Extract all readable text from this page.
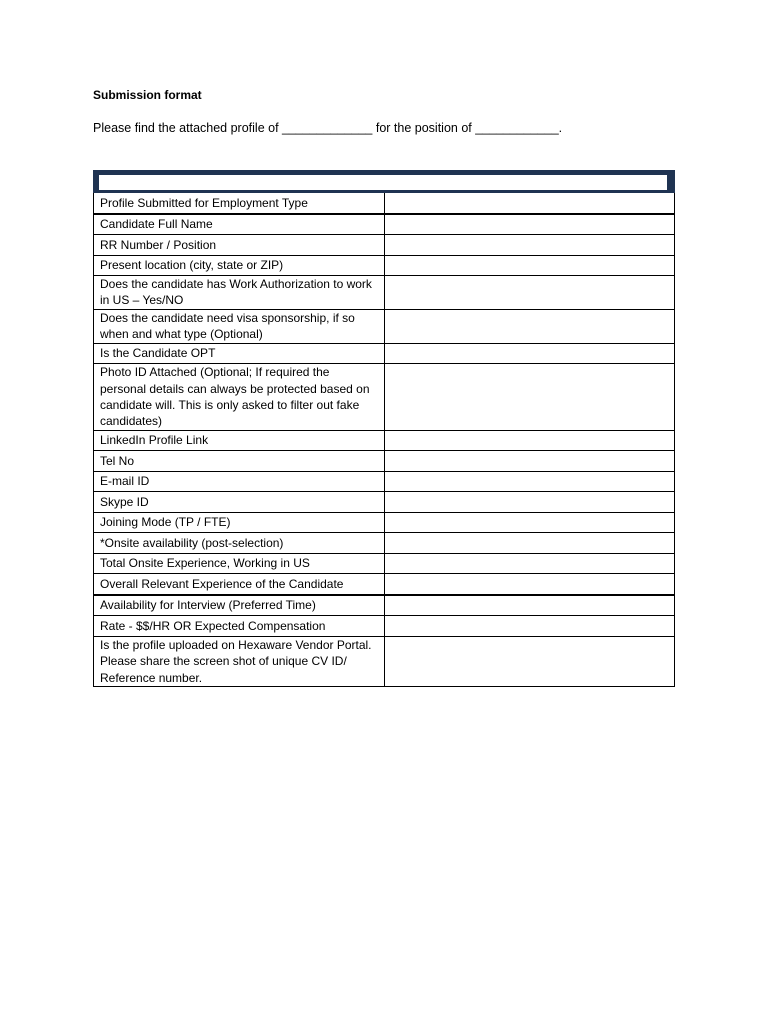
Submission format
Please find the attached profile of _____________ for the position of ____________.

Profile Submitted for Employment Type	
Candidate Full Name	
RR Number / Position	
Present location (city, state or ZIP)	
Does the candidate has Work Authorization to work in US – Yes/NO	
Does the candidate need visa sponsorship, if so when and what type (Optional)	
Is the Candidate OPT	
Photo ID Attached (Optional; If required the personal details can always be protected based on candidate will. This is only asked to filter out fake candidates)	
LinkedIn Profile Link	
Tel No	
E-mail ID	
Skype ID	
Joining Mode (TP / FTE)	
*Onsite availability (post-selection)	
Total Onsite Experience, Working in US	
Overall Relevant Experience of the Candidate	
Availability for Interview (Preferred Time)	
Rate - $$/HR OR Expected Compensation	
Is the profile uploaded on Hexaware Vendor Portal. Please share the screen shot of unique CV ID/ Reference number.	
